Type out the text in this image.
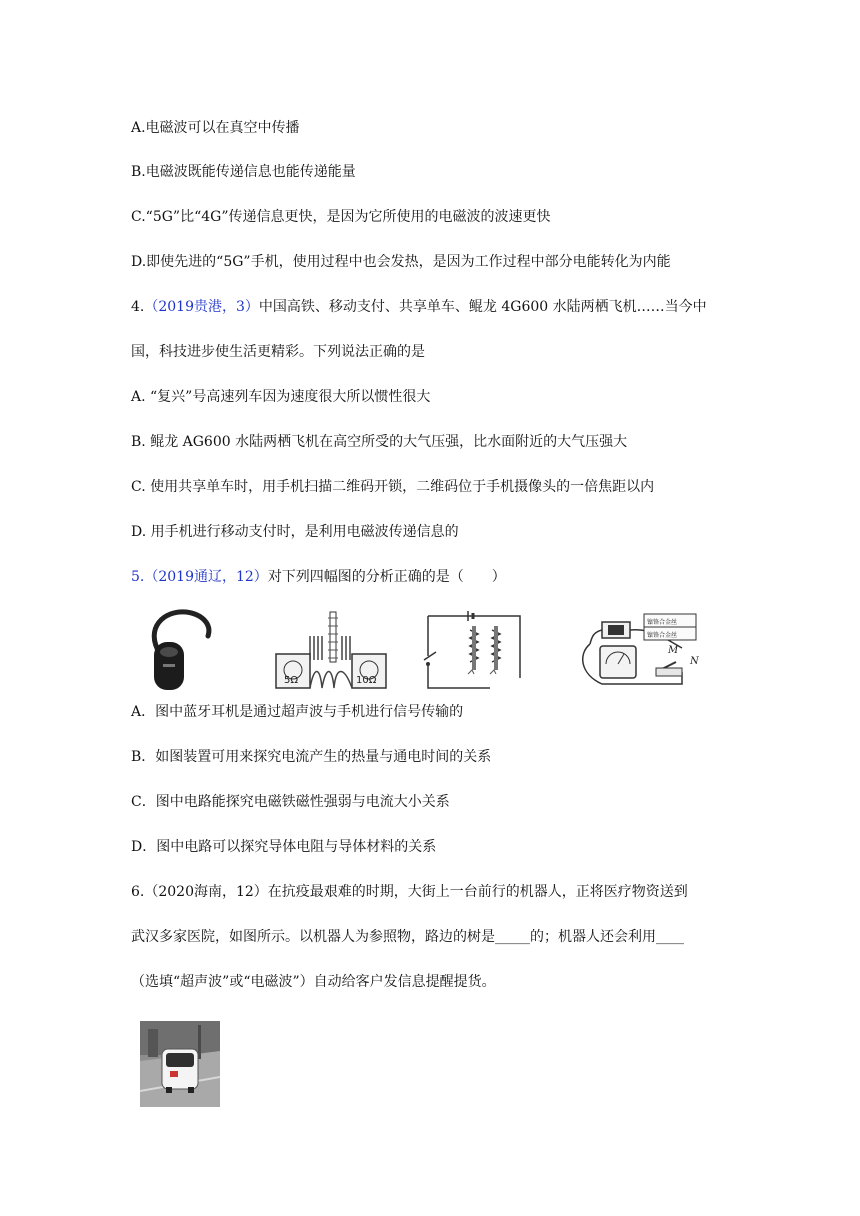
A.电磁波可以在真空中传播
B.电磁波既能传递信息也能传递能量
C.“5G”比“4G”传递信息更快，是因为它所使用的电磁波的波速更快
D.即使先进的“5G”手机，使用过程中也会发热，是因为工作过程中部分电能转化为内能
4.（2019贵港，3）中国高铁、移动支付、共享单车、鲲龙 4G600 水陆两栖飞机……当今中
国，科技进步使生活更精彩。下列说法正确的是
A. “复兴”号高速列车因为速度很大所以惯性很大
B. 鲲龙 AG600 水陆两栖飞机在高空所受的大气压强，比水面附近的大气压强大
C. 使用共享单车时，用手机扫描二维码开锁，二维码位于手机摄像头的一倍焦距以内
D. 用手机进行移动支付时，是利用电磁波传递信息的
5.（2019通辽，12）对下列四幅图的分析正确的是（　　）
5Ω	10Ω
镍铬合金丝
镍铬合金丝
M
N
A．图中蓝牙耳机是通过超声波与手机进行信号传输的
B．如图装置可用来探究电流产生的热量与通电时间的关系
C．图中电路能探究电磁铁磁性强弱与电流大小关系
D．图中电路可以探究导体电阻与导体材料的关系
6.（2020海南，12）在抗疫最艰难的时期，大街上一台前行的机器人，正将医疗物资送到
武汉多家医院，如图所示。以机器人为参照物，路边的树是_____的；机器人还会利用____
（选填“超声波”或“电磁波”）自动给客户发信息提醒提货。
